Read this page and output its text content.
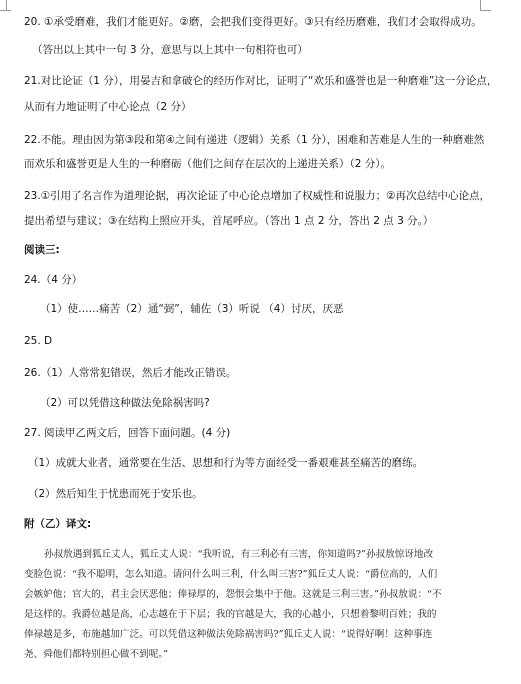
20. ①承受磨难，我们才能更好。②磨，会把我们变得更好。③只有经历磨难，我们才会取得成功。
（答出以上其中一句 3 分，意思与以上其中一句相符也可）
21.对比论证（1 分），用晏吉和拿破仑的经历作对比，证明了“欢乐和盛誉也是一种磨难”这一分论点，
从而有力地证明了中心论点（2 分）
22.不能。理由因为第③段和第④之间有递进（逻辑）关系（1 分），困难和苦难是人生的一种磨难然
而欢乐和盛誉更是人生的一种磨砺（他们之间存在层次的上递进关系）（2 分）。
23.①引用了名言作为道理论据，再次论证了中心论点增加了权威性和说服力；②再次总结中心论点，
提出希望与建议；③在结构上照应开头，首尾呼应。（答出 1 点 2 分，答出 2 点 3 分。）
阅读三:
24.（4 分）
（1）使……痛苦（2）通“弼”，辅佐（3）听说 （4）讨厌，厌恶
25. D
26.（1）人常常犯错误，然后才能改正错误。
（2）可以凭借这种做法免除祸害吗?
27. 阅读甲乙两文后，回答下面问题。(4 分)
（1）成就大业者，通常要在生活、思想和行为等方面经受一番艰难甚至痛苦的磨练。
（2）然后知生于忧患而死于安乐也。
附（乙）译文:
孙叔敖遇到狐丘丈人，狐丘丈人说：“我听说，有三利必有三害，你知道吗?”孙叔敖惊讶地改
变脸色说：“我不聪明，怎么知道。请问什么叫三利，什么叫三害?”狐丘丈人说：“爵位高的，人们
会嫉妒他；官大的，君主会厌恶他；俸禄厚的，怨恨会集中于他。这就是三利三害。”孙叔敖说：“不
是这样的。我爵位越是高，心志越在于下层；我的官越是大，我的心越小，只想着黎明百姓；我的
俸禄越是多，布施越加广泛。可以凭借这种做法免除祸害吗?”狐丘丈人说：“说得好啊！这种事连
尧、舜他们都特别担心做不到呢。”
